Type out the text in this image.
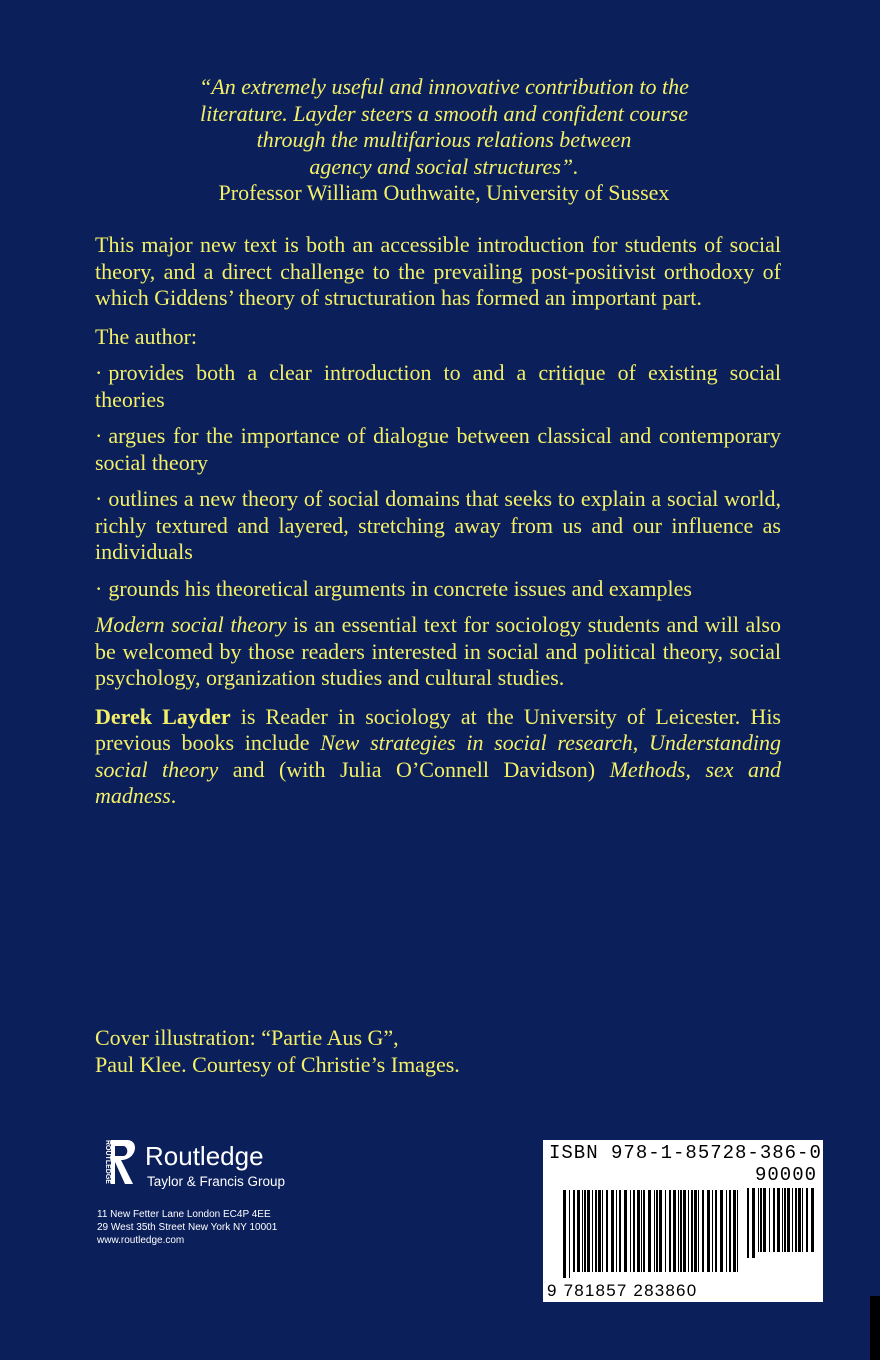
“An extremely useful and innovative contribution to the
literature. Layder steers a smooth and confident course
through the multifarious relations between
agency and social structures”.
Professor William Outhwaite, University of Sussex

This major new text is both an accessible introduction for students of social theory, and a direct challenge to the prevailing post-positivist orthodoxy of which Giddens’ theory of structuration has formed an important part.

The author:

· provides both a clear introduction to and a critique of existing social theories

· argues for the importance of dialogue between classical and contemporary social theory

· outlines a new theory of social domains that seeks to explain a social world, richly textured and layered, stretching away from us and our influence as individuals

· grounds his theoretical arguments in concrete issues and examples

Modern social theory is an essential text for sociology students and will also be welcomed by those readers interested in social and political theory, social psychology, organization studies and cultural studies.

Derek Layder is Reader in sociology at the University of Leicester. His previous books include New strategies in social research, Understanding social theory and (with Julia O’Connell Davidson) Methods, sex and madness.

Cover illustration: “Partie Aus G”,
Paul Klee. Courtesy of Christie’s Images.
ROUTLEDGE Routledge
Taylor & Francis Group
11 New Fetter Lane London EC4P 4EE
29 West 35th Street New York NY 10001
www.routledge.com
ISBN 978-1-85728-386-0
90000
9 781857 283860
